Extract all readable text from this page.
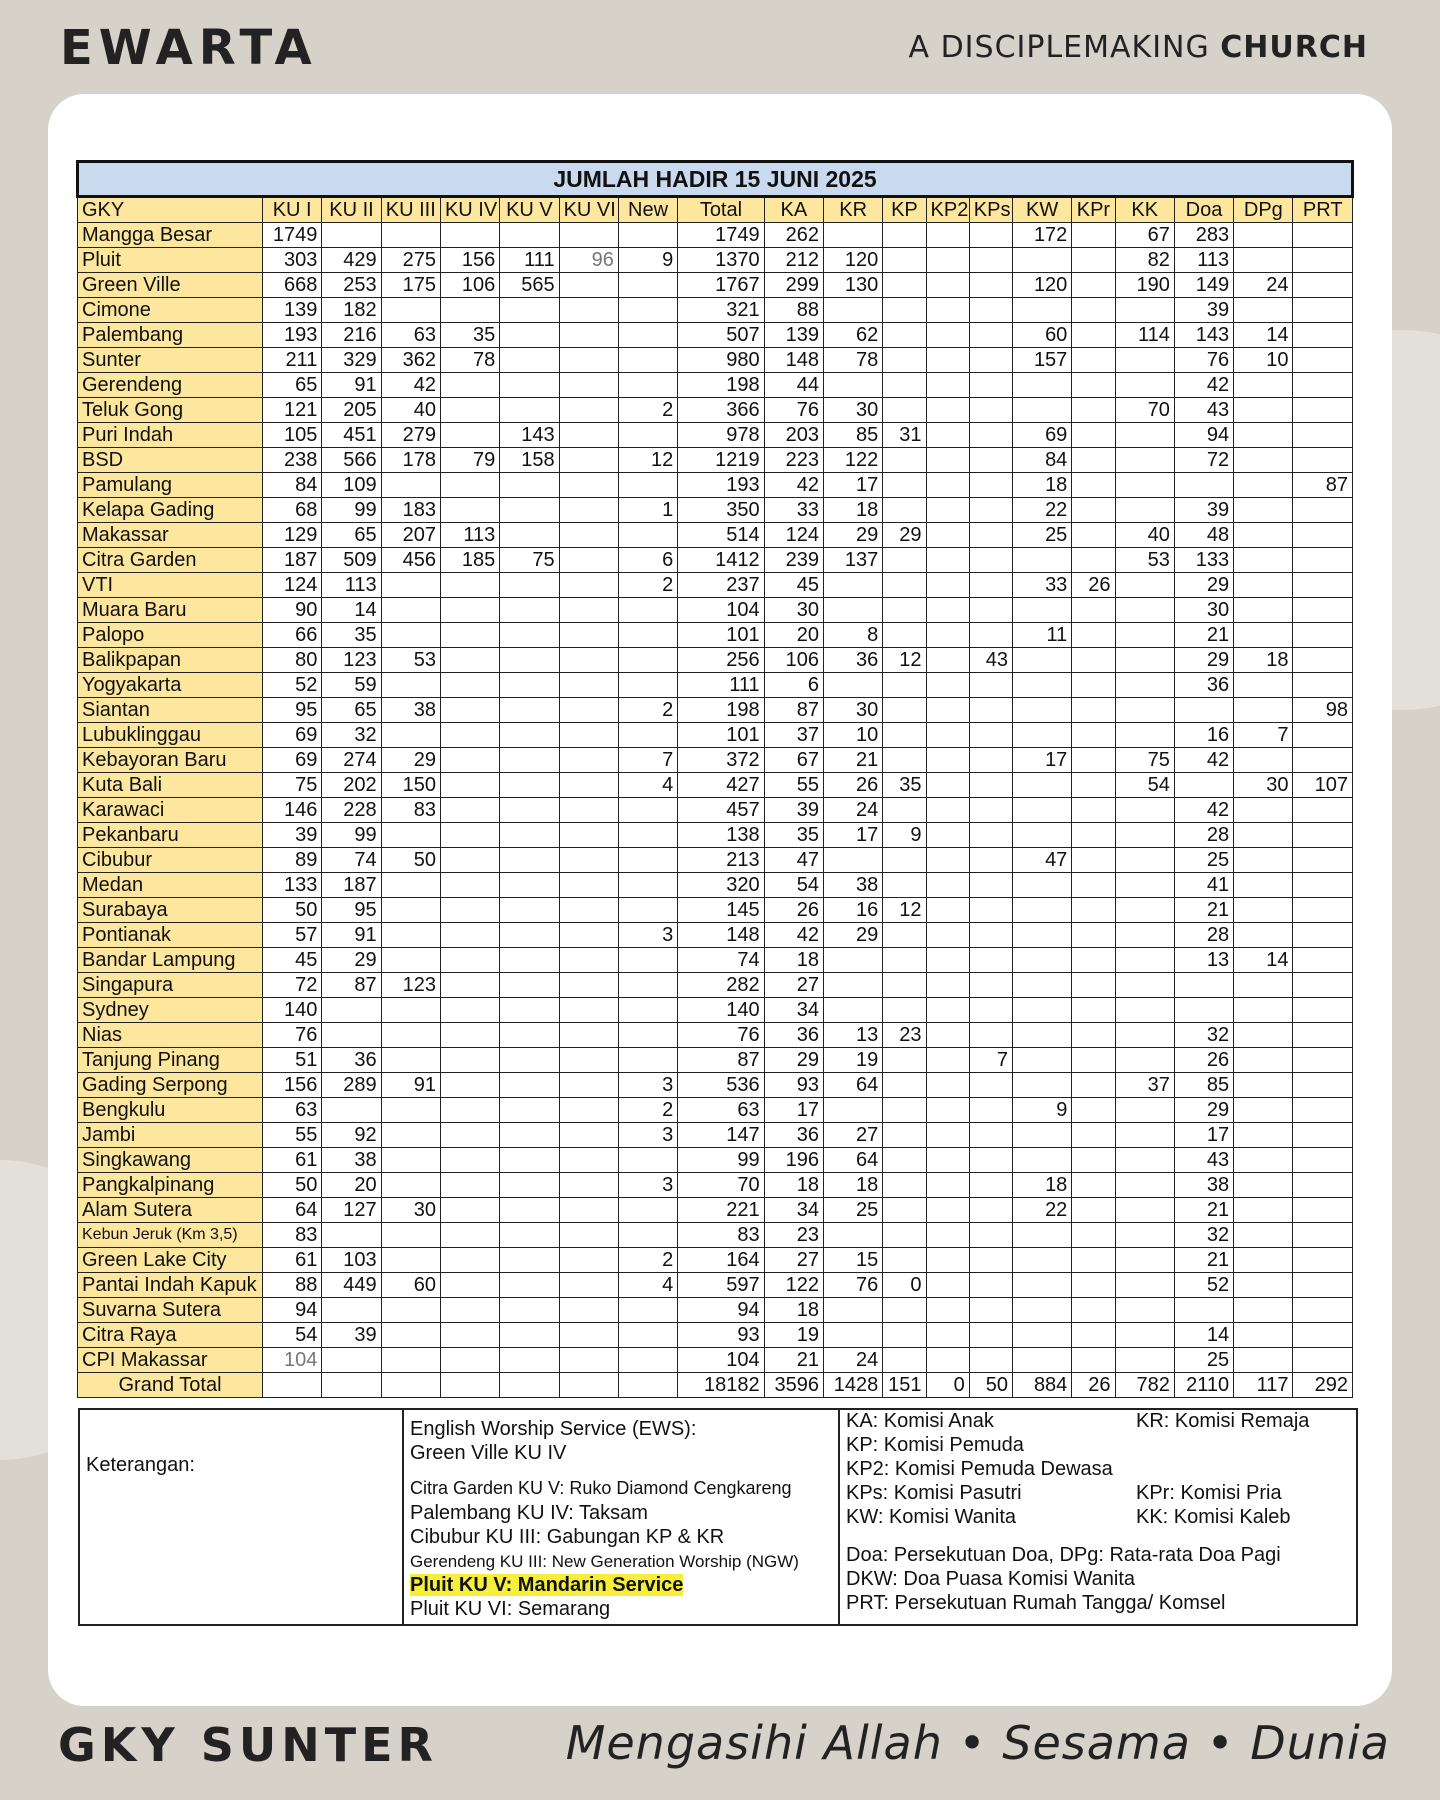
EWARTA	A DISCIPLEMAKING CHURCH
JUMLAH HADIR 15 JUNI 2025																			
GKY	KU I	KU II	KU III	KU IV	KU V	KU VI	New	Total	KA	KR	KP	KP2	KPs	KW	KPr	KK	Doa	DPg	PRT
Mangga Besar	1749							1749	262					172		67	283		
Pluit	303	429	275	156	111	96	9	1370	212	120						82	113		
Green Ville	668	253	175	106	565			1767	299	130				120		190	149	24	
Cimone	139	182						321	88								39		
Palembang	193	216	63	35				507	139	62				60		114	143	14	
Sunter	211	329	362	78				980	148	78				157			76	10	
Gerendeng	65	91	42					198	44								42		
Teluk Gong	121	205	40				2	366	76	30						70	43		
Puri Indah	105	451	279		143			978	203	85	31			69			94		
BSD	238	566	178	79	158		12	1219	223	122				84			72		
Pamulang	84	109						193	42	17				18					87
Kelapa Gading	68	99	183				1	350	33	18				22			39		
Makassar	129	65	207	113				514	124	29	29			25		40	48		
Citra Garden	187	509	456	185	75		6	1412	239	137						53	133		
VTI	124	113					2	237	45					33	26		29		
Muara Baru	90	14						104	30								30		
Palopo	66	35						101	20	8				11			21		
Balikpapan	80	123	53					256	106	36	12		43				29	18	
Yogyakarta	52	59						111	6								36		
Siantan	95	65	38				2	198	87	30									98
Lubuklinggau	69	32						101	37	10							16	7	
Kebayoran Baru	69	274	29				7	372	67	21				17		75	42		
Kuta Bali	75	202	150				4	427	55	26	35					54		30	107
Karawaci	146	228	83					457	39	24							42		
Pekanbaru	39	99						138	35	17	9						28		
Cibubur	89	74	50					213	47					47			25		
Medan	133	187						320	54	38							41		
Surabaya	50	95						145	26	16	12						21		
Pontianak	57	91					3	148	42	29							28		
Bandar Lampung	45	29						74	18								13	14	
Singapura	72	87	123					282	27										
Sydney	140							140	34										
Nias	76							76	36	13	23						32		
Tanjung Pinang	51	36						87	29	19			7				26		
Gading Serpong	156	289	91				3	536	93	64						37	85		
Bengkulu	63						2	63	17					9			29		
Jambi	55	92					3	147	36	27							17		
Singkawang	61	38						99	196	64							43		
Pangkalpinang	50	20					3	70	18	18				18			38		
Alam Sutera	64	127	30					221	34	25				22			21		
Kebun Jeruk (Km 3,5)	83							83	23								32		
Green Lake City	61	103					2	164	27	15							21		
Pantai Indah Kapuk	88	449	60				4	597	122	76	0						52		
Suvarna Sutera	94							94	18										
Citra Raya	54	39						93	19								14		
CPI Makassar	104							104	21	24							25		
Grand Total								18182	3596	1428	151	0	50	884	26	782	2110	117	292
Keterangan:
English Worship Service (EWS):
Green Ville KU IV
Citra Garden KU V: Ruko Diamond Cengkareng
Palembang KU IV: Taksam
Cibubur KU III: Gabungan KP & KR
Gerendeng KU III: New Generation Worship (NGW)
Pluit KU V: Mandarin Service
Pluit KU VI: Semarang
KA: Komisi Anak
KP: Komisi Pemuda
KP2: Komisi Pemuda Dewasa
KPs: Komisi Pasutri
KW: Komisi Wanita
Doa: Persekutuan Doa, DPg: Rata-rata Doa Pagi
DKW: Doa Puasa Komisi Wanita
PRT: Persekutuan Rumah Tangga/ Komsel
KR: Komisi Remaja
KPr: Komisi Pria
KK: Komisi Kaleb
GKY SUNTER	Mengasihi Allah • Sesama • Dunia
